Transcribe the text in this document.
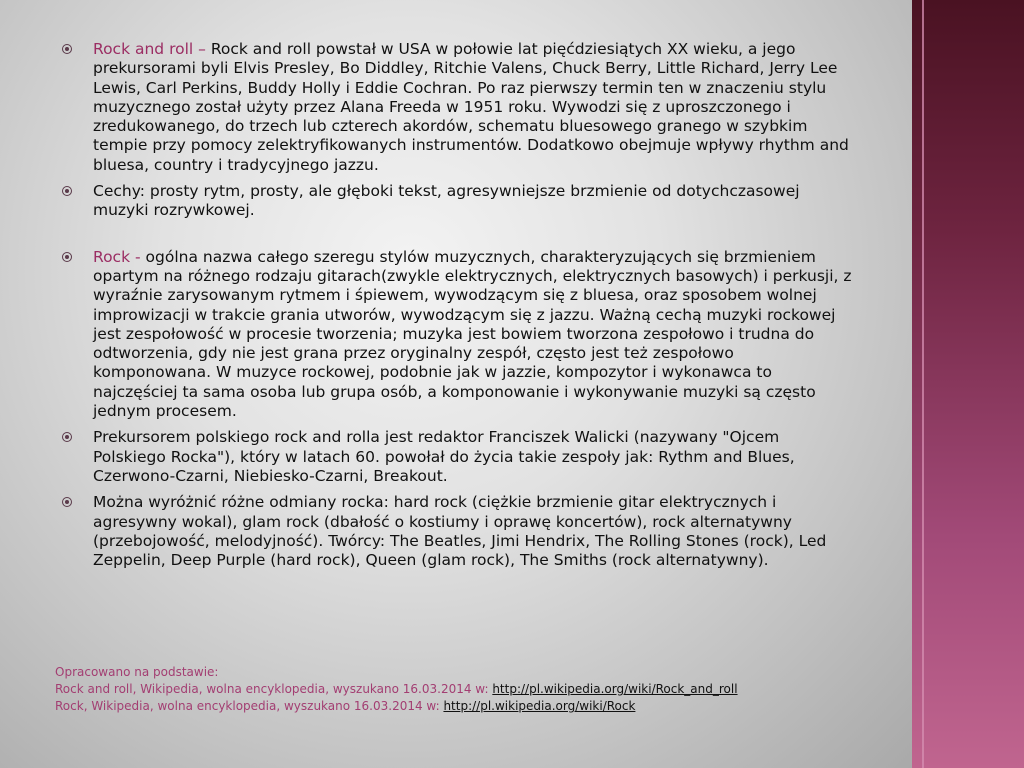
Rock and roll – Rock and roll powstał w USA w połowie lat pięćdziesiątych XX wieku, a jego prekursorami byli Elvis Presley, Bo Diddley, Ritchie Valens, Chuck Berry, Little Richard, Jerry Lee Lewis, Carl Perkins, Buddy Holly i Eddie Cochran. Po raz pierwszy termin ten w znaczeniu stylu muzycznego został użyty przez Alana Freeda w 1951 roku. Wywodzi się z uproszczonego i zredukowanego, do trzech lub czterech akordów, schematu bluesowego granego w szybkim tempie przy pomocy zelektryfikowanych instrumentów. Dodatkowo obejmuje wpływy rhythm and bluesa, country i tradycyjnego jazzu.
Cechy: prosty rytm, prosty, ale głęboki tekst, agresywniejsze brzmienie od dotychczasowej muzyki rozrywkowej.
Rock - ogólna nazwa całego szeregu stylów muzycznych, charakteryzujących się brzmieniem opartym na różnego rodzaju gitarach(zwykle elektrycznych, elektrycznych basowych) i perkusji, z wyraźnie zarysowanym rytmem i śpiewem, wywodzącym się z bluesa, oraz sposobem wolnej improwizacji w trakcie grania utworów, wywodzącym się z jazzu. Ważną cechą muzyki rockowej jest zespołowość w procesie tworzenia; muzyka jest bowiem tworzona zespołowo i trudna do odtworzenia, gdy nie jest grana przez oryginalny zespół, często jest też zespołowo komponowana. W muzyce rockowej, podobnie jak w jazzie, kompozytor i wykonawca to najczęściej ta sama osoba lub grupa osób, a komponowanie i wykonywanie muzyki są często jednym procesem.
Prekursorem polskiego rock and rolla jest redaktor Franciszek Walicki (nazywany "Ojcem Polskiego Rocka"), który w latach 60. powołał do życia takie zespoły jak: Rythm and Blues, Czerwono-Czarni, Niebiesko-Czarni, Breakout.
Można wyróżnić różne odmiany rocka: hard rock (ciężkie brzmienie gitar elektrycznych i agresywny wokal), glam rock (dbałość o kostiumy i oprawę koncertów), rock alternatywny (przebojowość, melodyjność). Twórcy: The Beatles, Jimi Hendrix, The Rolling Stones (rock), Led Zeppelin, Deep Purple (hard rock), Queen (glam rock), The Smiths (rock alternatywny).
Opracowano na podstawie:
Rock and roll, Wikipedia, wolna encyklopedia, wyszukano 16.03.2014 w: http://pl.wikipedia.org/wiki/Rock_and_roll
Rock, Wikipedia, wolna encyklopedia, wyszukano 16.03.2014 w: http://pl.wikipedia.org/wiki/Rock
